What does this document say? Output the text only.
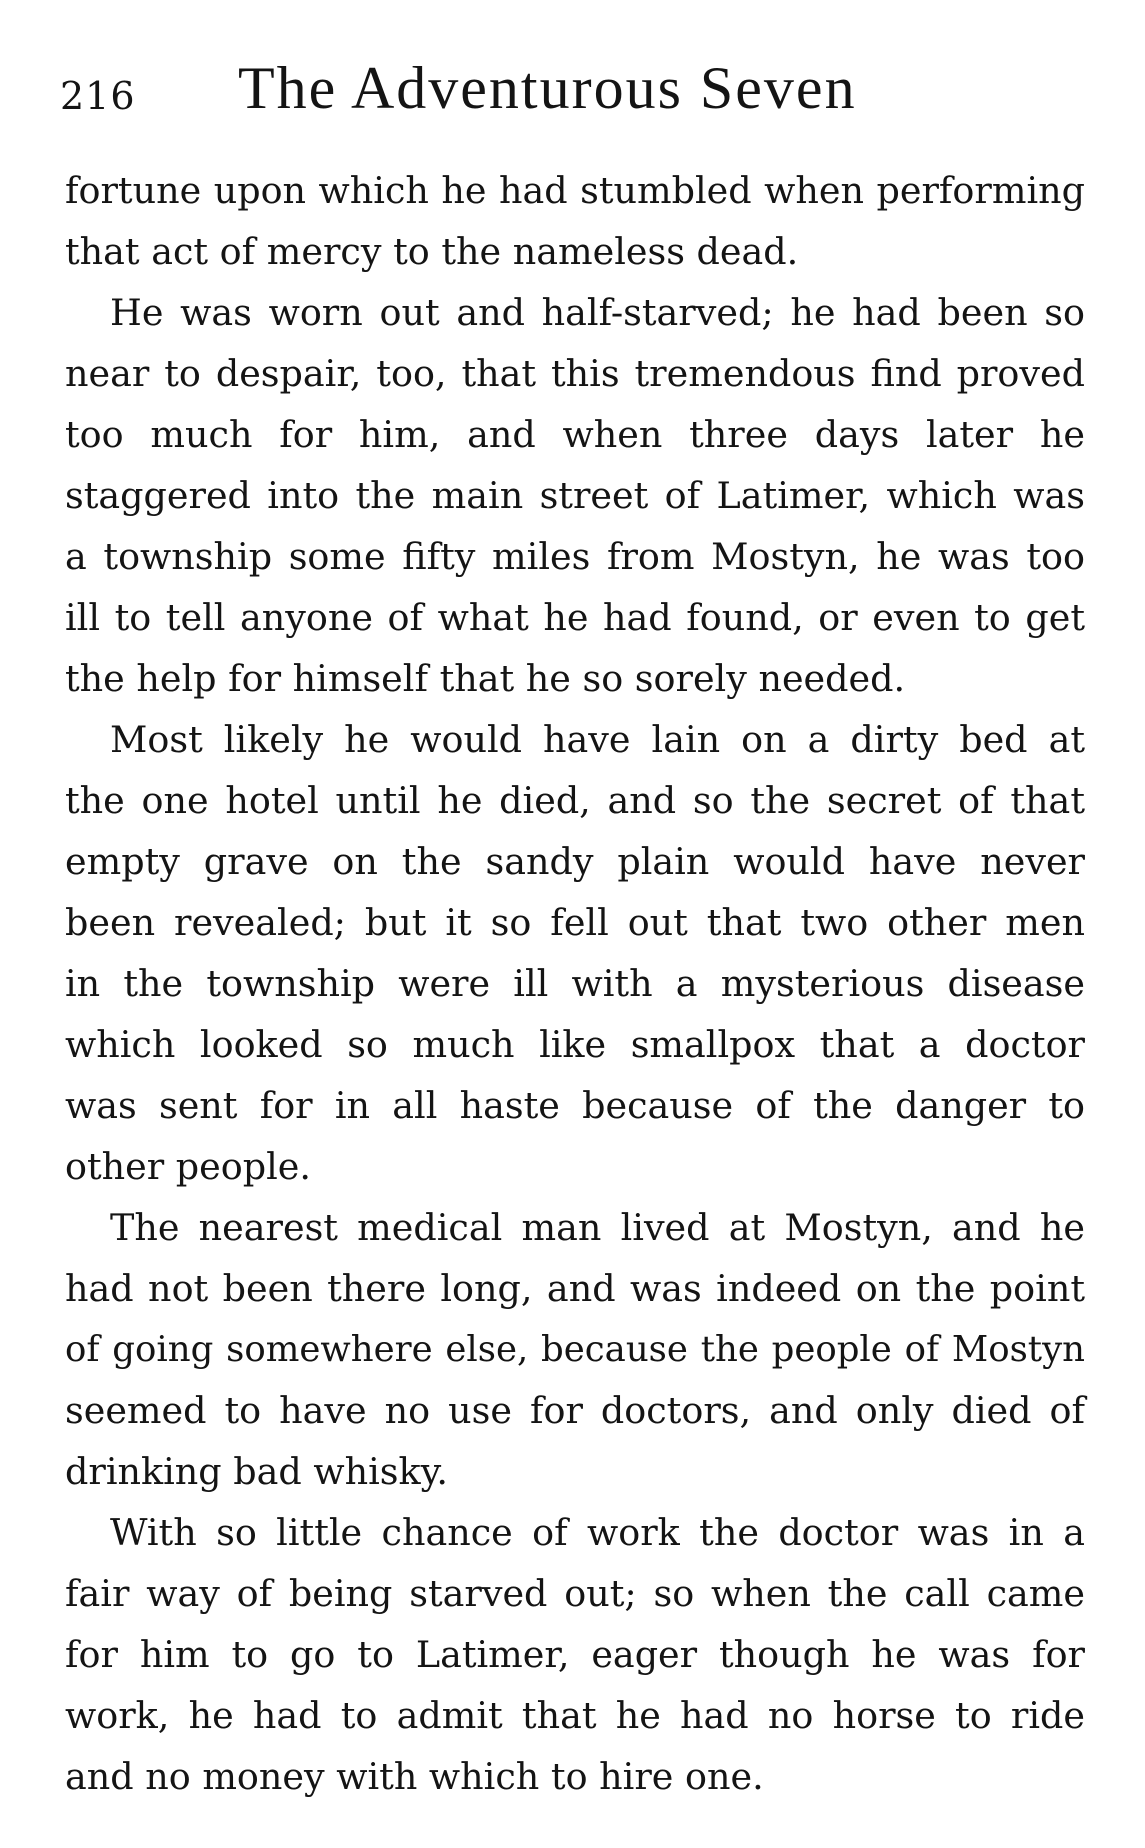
216 The Adventurous Seven
fortune upon which he had stumbled when performing
that act of mercy to the nameless dead.
He was worn out and half-starved; he had been so
near to despair, too, that this tremendous find proved
too much for him, and when three days later he
staggered into the main street of Latimer, which was
a township some fifty miles from Mostyn, he was too
ill to tell anyone of what he had found, or even to get
the help for himself that he so sorely needed.
Most likely he would have lain on a dirty bed at
the one hotel until he died, and so the secret of that
empty grave on the sandy plain would have never
been revealed; but it so fell out that two other men
in the township were ill with a mysterious disease
which looked so much like smallpox that a doctor
was sent for in all haste because of the danger to
other people.
The nearest medical man lived at Mostyn, and he
had not been there long, and was indeed on the point
of going somewhere else, because the people of Mostyn
seemed to have no use for doctors, and only died of
drinking bad whisky.
With so little chance of work the doctor was in a
fair way of being starved out; so when the call came
for him to go to Latimer, eager though he was for
work, he had to admit that he had no horse to ride
and no money with which to hire one.
